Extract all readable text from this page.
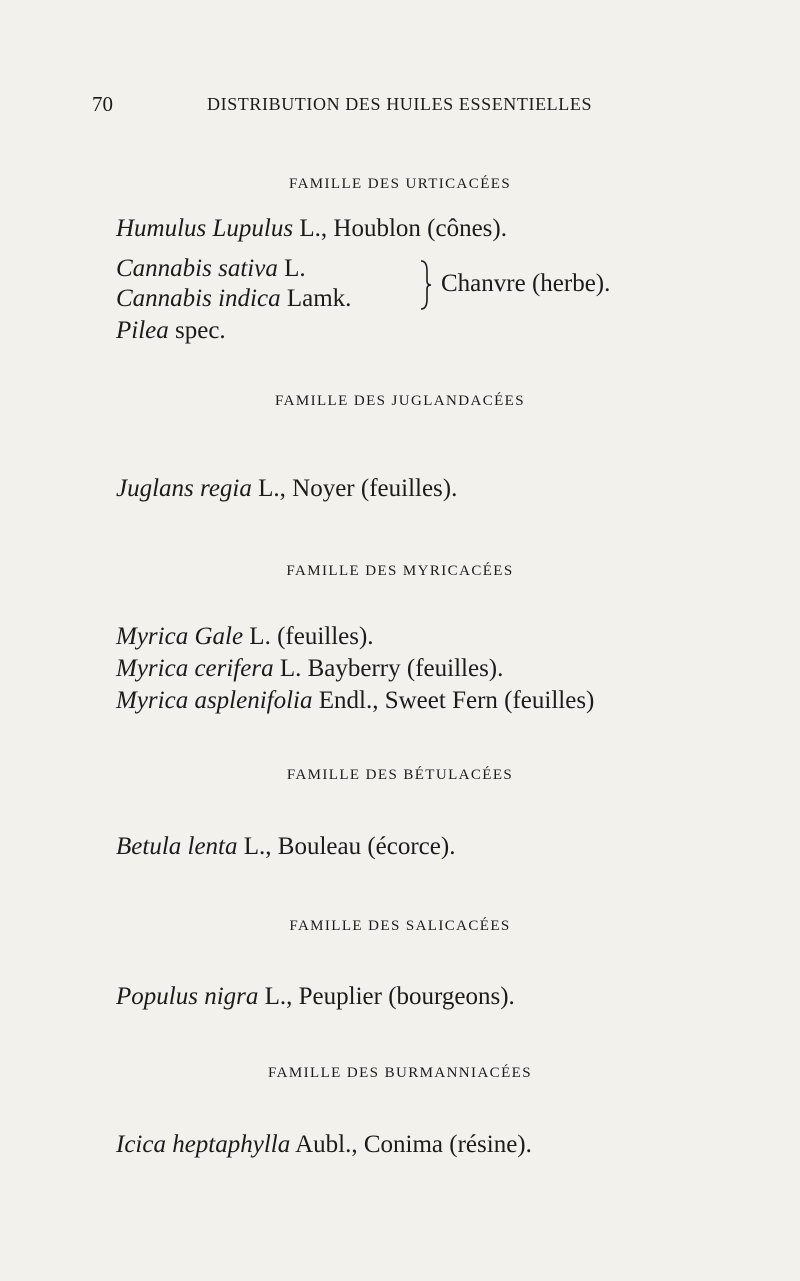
70	DISTRIBUTION DES HUILES ESSENTIELLES
FAMILLE DES URTICACÉES
Humulus Lupulus L., Houblon (cônes).
Cannabis sativa L.
Cannabis indica Lamk.
Chanvre (herbe).
Pilea spec.
FAMILLE DES JUGLANDACÉES
Juglans regia L., Noyer (feuilles).
FAMILLE DES MYRICACÉES
Myrica Gale L. (feuilles).
Myrica cerifera L. Bayberry (feuilles).
Myrica asplenifolia Endl., Sweet Fern (feuilles)
FAMILLE DES BÉTULACÉES
Betula lenta L., Bouleau (écorce).
FAMILLE DES SALICACÉES
Populus nigra L., Peuplier (bourgeons).
FAMILLE DES BURMANNIACÉES
Icica heptaphylla Aubl., Conima (résine).
